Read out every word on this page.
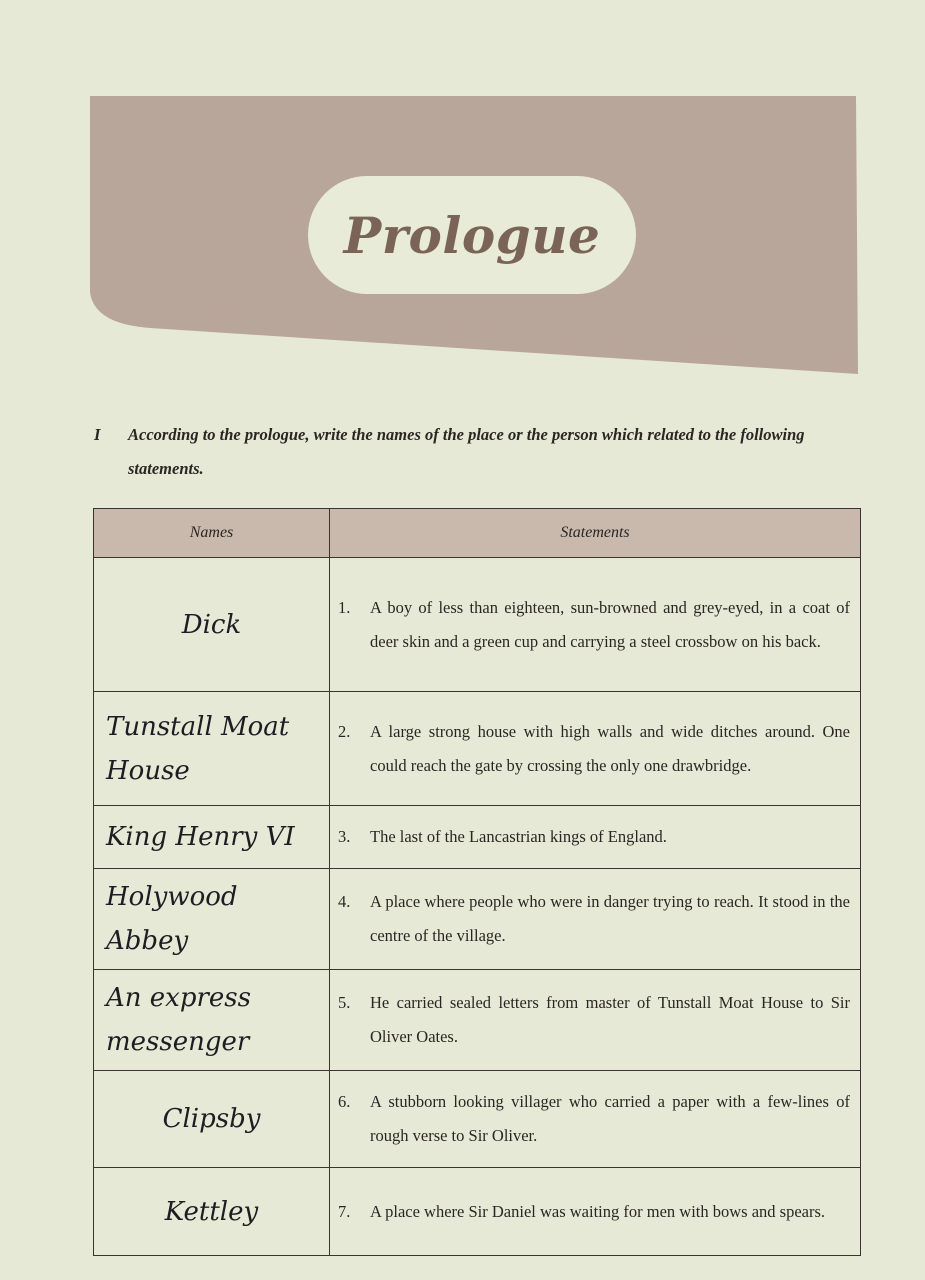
Prologue
I	According to the prologue, write the names of the place or the person which related to the following statements.
Names	Statements
Dick	1. A boy of less than eighteen, sun-browned and grey-eyed, in a coat of deer skin and a green cup and carrying a steel crossbow on his back.

Tunstall Moat House	2. A large strong house with high walls and wide ditches around. One could reach the gate by crossing the only one drawbridge.

King Henry VI	3. The last of the Lancastrian kings of England.

Holywood Abbey	4. A place where people who were in danger trying to reach. It stood in the centre of the village.

An express messenger	5. He carried sealed letters from master of Tunstall Moat House to Sir Oliver Oates.

Clipsby	6. A stubborn looking villager who carried a paper with a few-lines of rough verse to Sir Oliver.

Kettley	7. A place where Sir Daniel was waiting for men with bows and spears.
